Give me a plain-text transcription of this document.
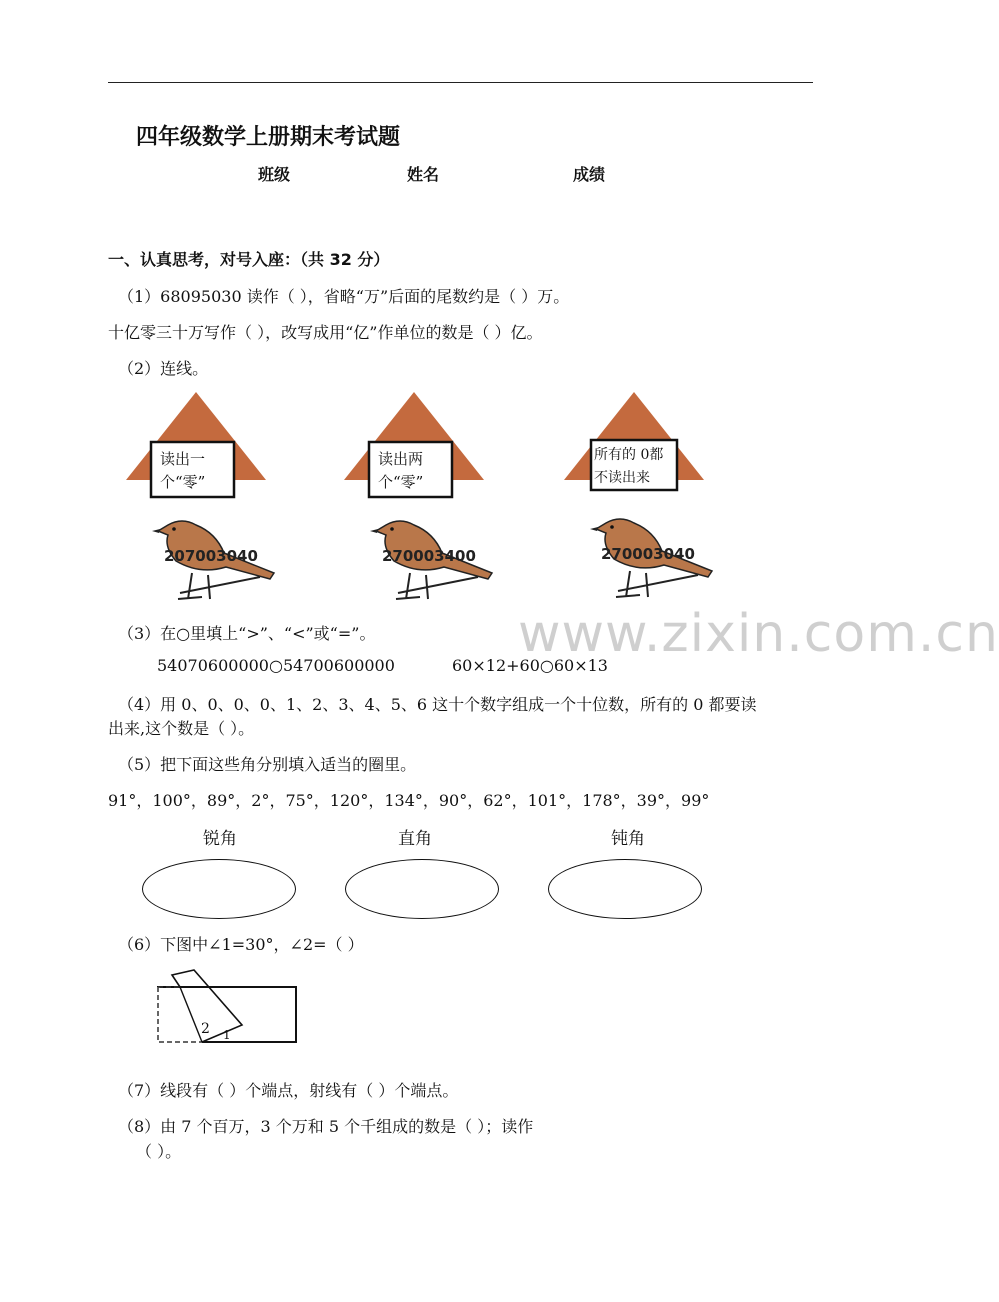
四年级数学上册期末考试题
班级	姓名	成绩
一、认真思考，对号入座：（共 32 分）
（1）68095030 读作（ ），省略“万”后面的尾数约是（ ）万。
十亿零三十万写作（ ），改写成用“亿”作单位的数是（ ）亿。
（2）连线。
读出一
个“零”
读出两
个“零”
所有的 0都
不读出来
207003040	270003400	270003040
www.zixin.com.cn
（3）在○里填上“>”、“<”或“=”。
54070600000○54700600000	60×12+60○60×13
（4）用 0、0、0、0、1、2、3、4、5、6 这十个数字组成一个十位数，所有的 0 都要读
出来,这个数是（ ）。
（5）把下面这些角分别填入适当的圈里。
91°，100°，89°，2°，75°，120°，134°，90°，62°，101°，178°，39°，99°
锐角	直角	钝角
（6）下图中∠1=30°，∠2=（ ）
2 1
（7）线段有（ ）个端点，射线有（ ）个端点。
（8）由 7 个百万，3 个万和 5 个千组成的数是（ ）；读作
（ ）。
